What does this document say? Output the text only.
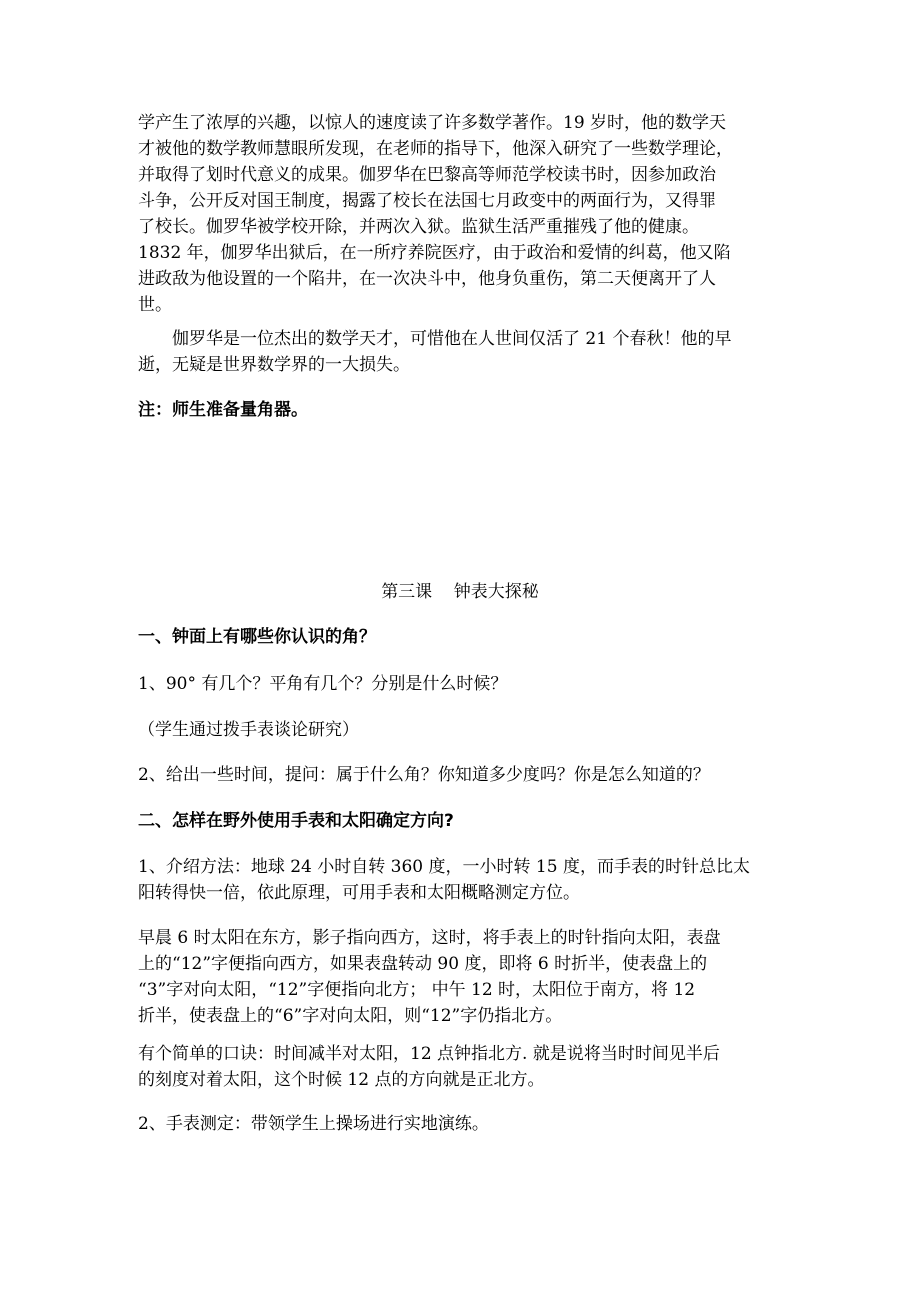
学产生了浓厚的兴趣，以惊人的速度读了许多数学著作。19 岁时，他的数学天
才被他的数学教师慧眼所发现，在老师的指导下，他深入研究了一些数学理论，
并取得了划时代意义的成果。伽罗华在巴黎高等师范学校读书时，因参加政治
斗争，公开反对国王制度，揭露了校长在法国七月政变中的两面行为，又得罪
了校长。伽罗华被学校开除，并两次入狱。监狱生活严重摧残了他的健康。
1832 年，伽罗华出狱后，在一所疗养院医疗，由于政治和爱情的纠葛，他又陷
进政敌为他设置的一个陷井，在一次决斗中，他身负重伤，第二天便离开了人
世。
伽罗华是一位杰出的数学天才，可惜他在人世间仅活了 21 个春秋！他的早
逝，无疑是世界数学界的一大损失。
注：师生准备量角器。
第三课    钟表大探秘
一、钟面上有哪些你认识的角？
1、90° 有几个？平角有几个？分别是什么时候？
（学生通过拨手表谈论研究）
2、给出一些时间，提问：属于什么角？你知道多少度吗？你是怎么知道的？
二、怎样在野外使用手表和太阳确定方向?
1、介绍方法：地球 24 小时自转 360 度，一小时转 15 度，而手表的时针总比太
阳转得快一倍，依此原理，可用手表和太阳概略测定方位。
早晨 6 时太阳在东方，影子指向西方，这时，将手表上的时针指向太阳，表盘
上的“12”字便指向西方，如果表盘转动 90 度，即将 6 时折半，使表盘上的
“3”字对向太阳，“12”字便指向北方； 中午 12 时，太阳位于南方，将 12
折半，使表盘上的“6”字对向太阳，则“12”字仍指北方。
有个简单的口诀：时间减半对太阳，12 点钟指北方. 就是说将当时时间见半后
的刻度对着太阳，这个时候 12 点的方向就是正北方。
2、手表测定：带领学生上操场进行实地演练。
